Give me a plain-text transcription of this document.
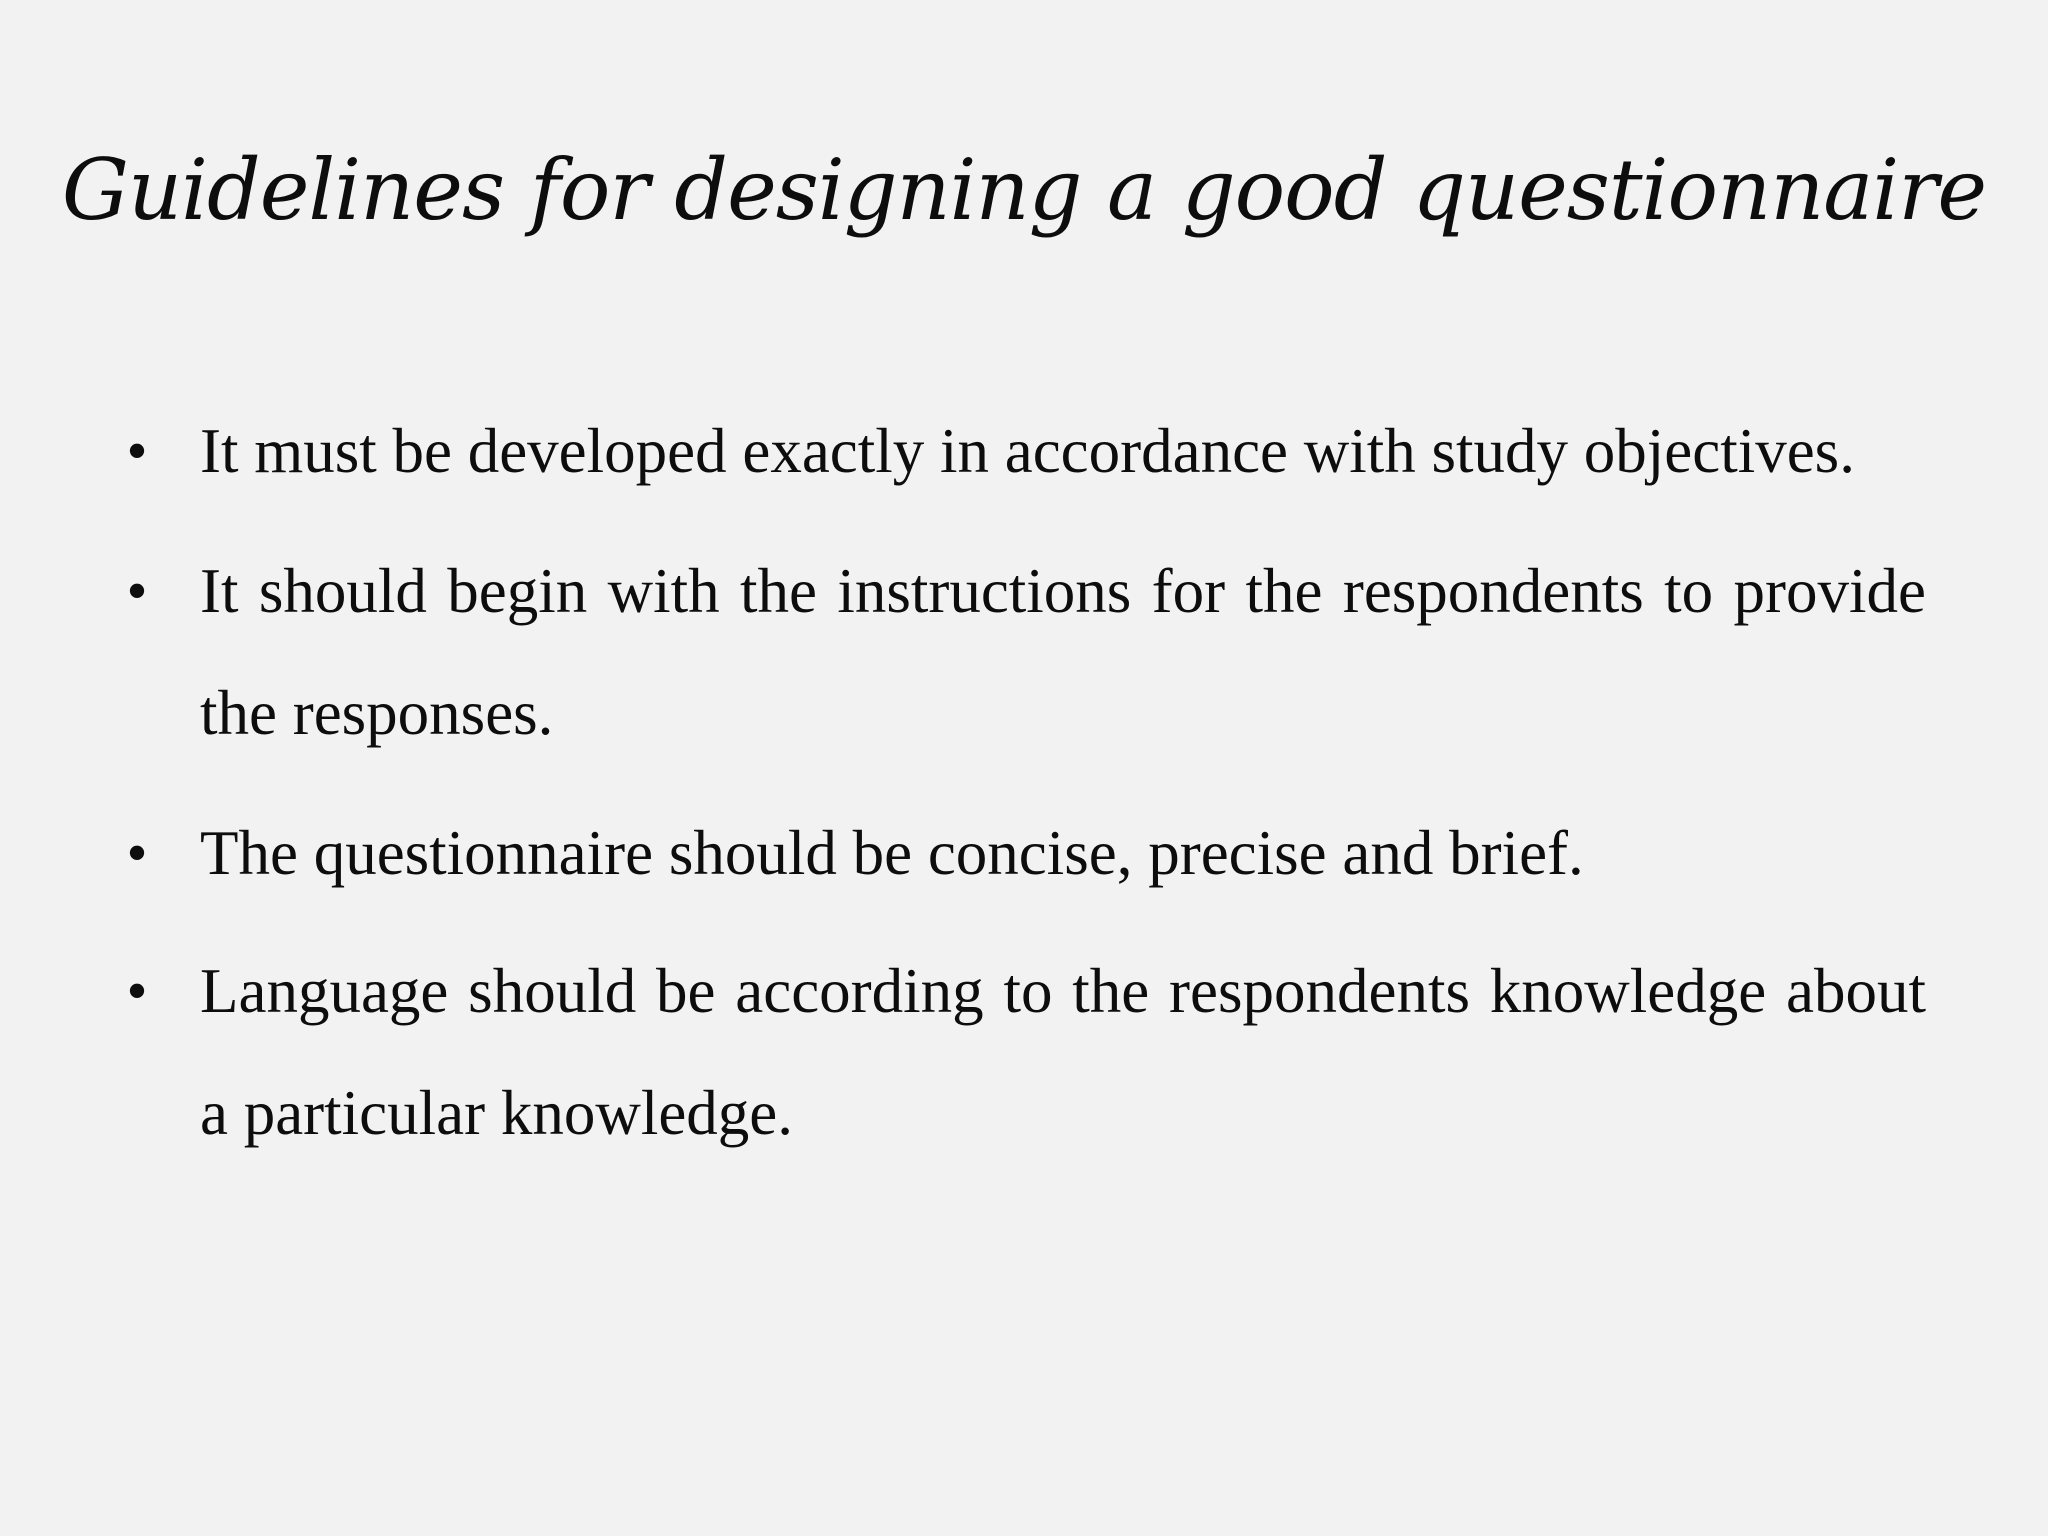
Guidelines for designing a good questionnaire
• It must be developed exactly in accordance with study objectives.
• It should begin with the instructions for the respondents to provide the responses.
• The questionnaire should be concise, precise and brief.
• Language should be according to the respondents knowledge about a particular knowledge.
